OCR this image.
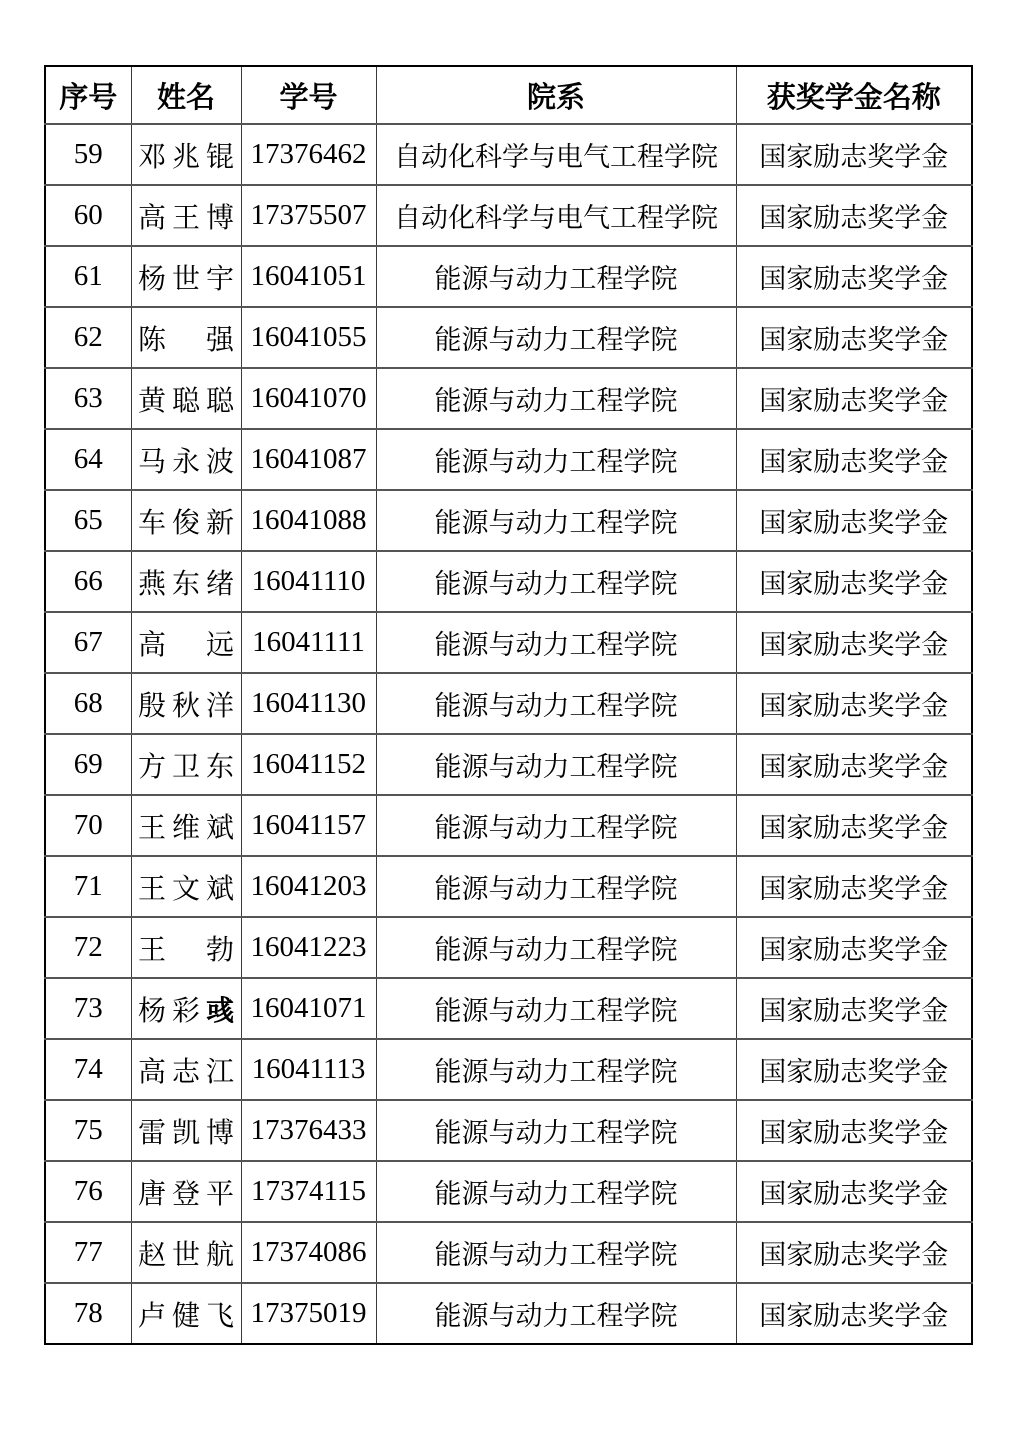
序号	姓名	学号	院系	获奖学金名称
59	邓兆锟	17376462	自动化科学与电气工程学院	国家励志奖学金
60	高王博	17375507	自动化科学与电气工程学院	国家励志奖学金
61	杨世宇	16041051	能源与动力工程学院	国家励志奖学金
62	陈强	16041055	能源与动力工程学院	国家励志奖学金
63	黄聪聪	16041070	能源与动力工程学院	国家励志奖学金
64	马永波	16041087	能源与动力工程学院	国家励志奖学金
65	车俊新	16041088	能源与动力工程学院	国家励志奖学金
66	燕东绪	16041110	能源与动力工程学院	国家励志奖学金
67	高远	16041111	能源与动力工程学院	国家励志奖学金
68	殷秋洋	16041130	能源与动力工程学院	国家励志奖学金
69	方卫东	16041152	能源与动力工程学院	国家励志奖学金
70	王维斌	16041157	能源与动力工程学院	国家励志奖学金
71	王文斌	16041203	能源与动力工程学院	国家励志奖学金
72	王勃	16041223	能源与动力工程学院	国家励志奖学金
73	杨彩彧	16041071	能源与动力工程学院	国家励志奖学金
74	高志江	16041113	能源与动力工程学院	国家励志奖学金
75	雷凯博	17376433	能源与动力工程学院	国家励志奖学金
76	唐登平	17374115	能源与动力工程学院	国家励志奖学金
77	赵世航	17374086	能源与动力工程学院	国家励志奖学金
78	卢健飞	17375019	能源与动力工程学院	国家励志奖学金
